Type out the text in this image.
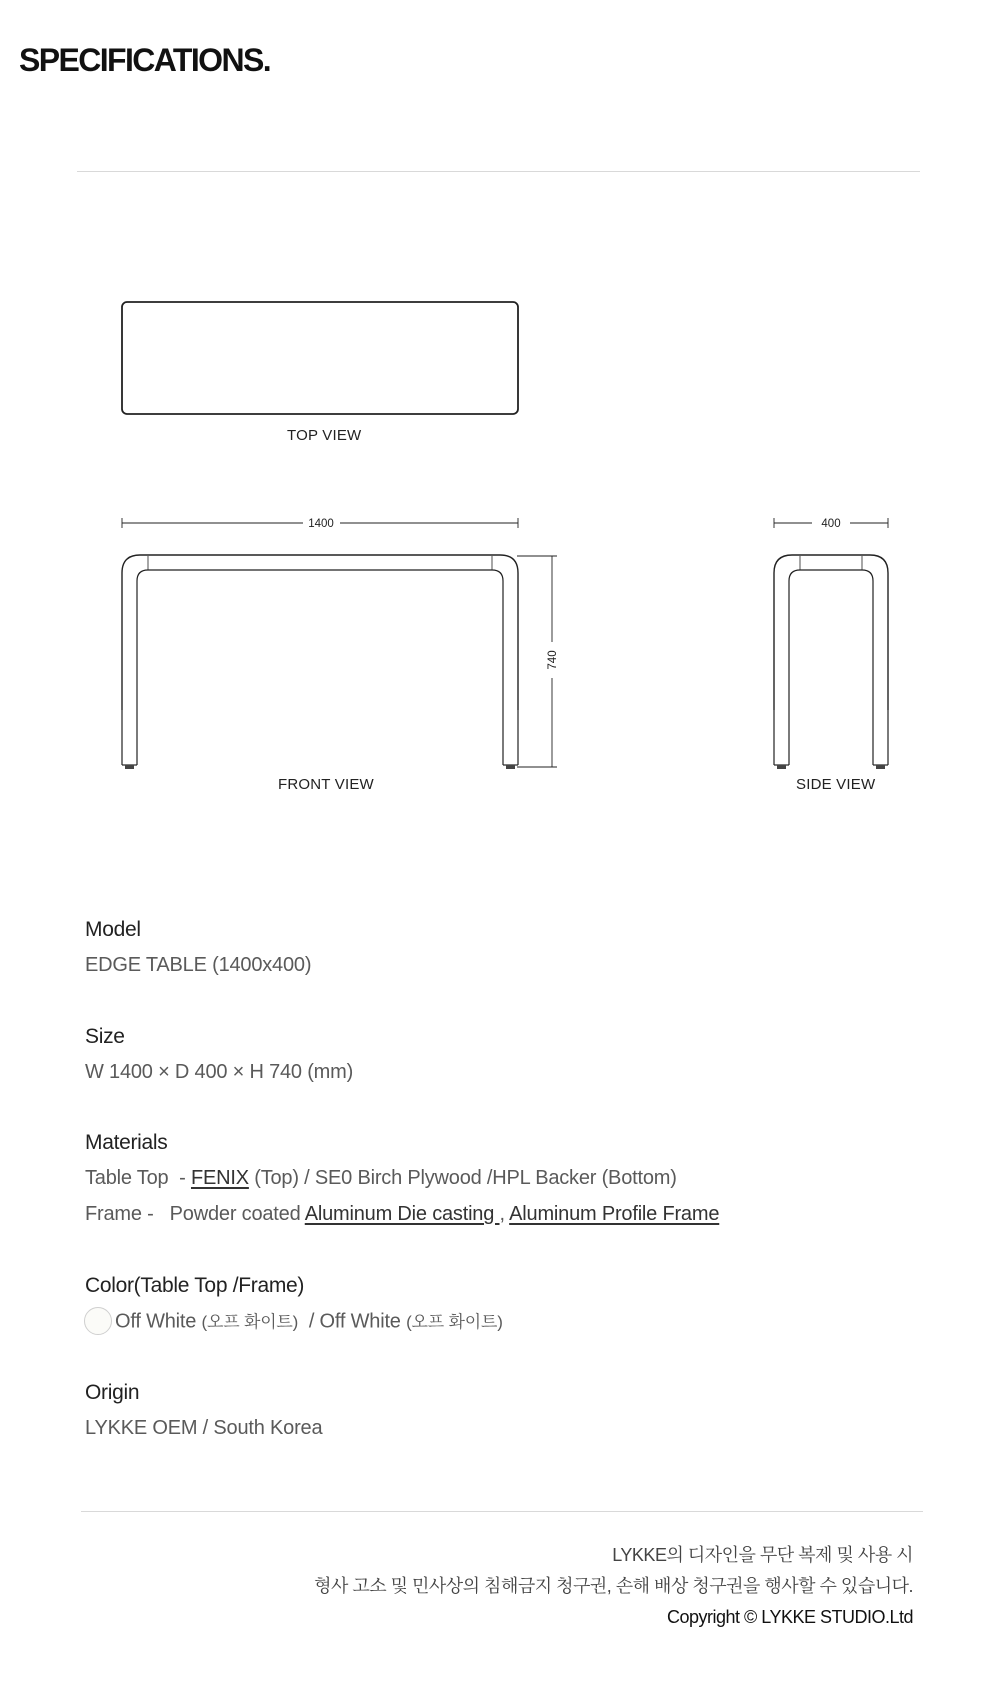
SPECIFICATIONS.
1400	400
740
TOP VIEW
FRONT VIEW	SIDE VIEW
Model
EDGE TABLE (1400x400)
Size
W 1400 × D 400 × H 740 (mm)
Materials
Table Top  - FENIX (Top) / SE0 Birch Plywood /HPL Backer (Bottom)
Frame -   Powder coated Aluminum Die casting , Aluminum Profile Frame
Color(Table Top /Frame)
Off White (오프 화이트)  / Off White (오프 화이트)
Origin
LYKKE OEM / South Korea
LYKKE의 디자인을 무단 복제 및 사용 시
형사 고소 및 민사상의 침해금지 청구권, 손해 배상 청구권을 행사할 수 있습니다.
Copyright © LYKKE STUDIO.Ltd
